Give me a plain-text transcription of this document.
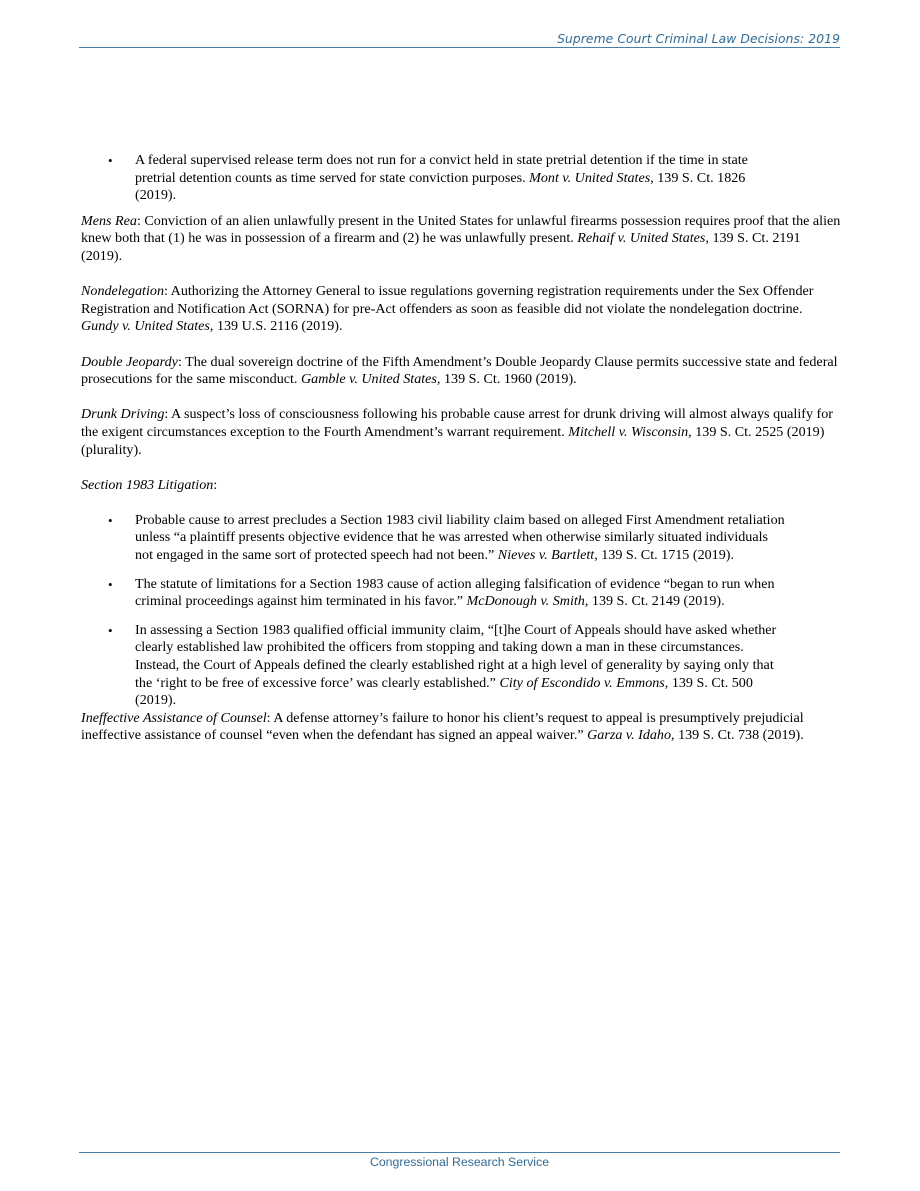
Supreme Court Criminal Law Decisions: 2019
• A federal supervised release term does not run for a convict held in state pretrial detention if the time in state pretrial detention counts as time served for state conviction purposes. Mont v. United States, 139 S. Ct. 1826 (2019).

Mens Rea: Conviction of an alien unlawfully present in the United States for unlawful firearms possession requires proof that the alien knew both that (1) he was in possession of a firearm and (2) he was unlawfully present. Rehaif v. United States, 139 S. Ct. 2191 (2019).

Nondelegation: Authorizing the Attorney General to issue regulations governing registration requirements under the Sex Offender Registration and Notification Act (SORNA) for pre-Act offenders as soon as feasible did not violate the nondelegation doctrine. Gundy v. United States, 139 U.S. 2116 (2019).

Double Jeopardy: The dual sovereign doctrine of the Fifth Amendment’s Double Jeopardy Clause permits successive state and federal prosecutions for the same misconduct. Gamble v. United States, 139 S. Ct. 1960 (2019).

Drunk Driving: A suspect’s loss of consciousness following his probable cause arrest for drunk driving will almost always qualify for the exigent circumstances exception to the Fourth Amendment’s warrant requirement. Mitchell v. Wisconsin, 139 S. Ct. 2525 (2019) (plurality).

Section 1983 Litigation:

• Probable cause to arrest precludes a Section 1983 civil liability claim based on alleged First Amendment retaliation unless “a plaintiff presents objective evidence that he was arrested when otherwise similarly situated individuals not engaged in the same sort of protected speech had not been.” Nieves v. Bartlett, 139 S. Ct. 1715 (2019).
• The statute of limitations for a Section 1983 cause of action alleging falsification of evidence “began to run when criminal proceedings against him terminated in his favor.” McDonough v. Smith, 139 S. Ct. 2149 (2019).
• In assessing a Section 1983 qualified official immunity claim, “[t]he Court of Appeals should have asked whether clearly established law prohibited the officers from stopping and taking down a man in these circumstances. Instead, the Court of Appeals defined the clearly established right at a high level of generality by saying only that the ‘right to be free of excessive force’ was clearly established.” City of Escondido v. Emmons, 139 S. Ct. 500 (2019).

Ineffective Assistance of Counsel: A defense attorney’s failure to honor his client’s request to appeal is presumptively prejudicial ineffective assistance of counsel “even when the defendant has signed an appeal waiver.” Garza v. Idaho, 139 S. Ct. 738 (2019).

Congressional Research Service
